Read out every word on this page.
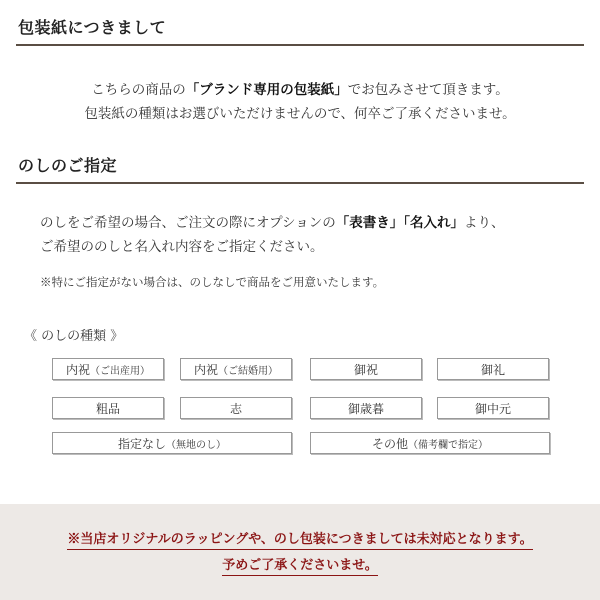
包装紙につきまして
こちらの商品の「ブランド専用の包装紙」でお包みさせて頂きます。
包装紙の種類はお選びいただけませんので、何卒ご了承くださいませ。
のしのご指定
のしをご希望の場合、ご注文の際にオプションの「表書き」「名入れ」より、
ご希望ののしと名入れ内容をご指定ください。
※特にご指定がない場合は、のしなしで商品をご用意いたします。
《 のしの種類 》
内祝 （ご出産用）	内祝 （ご結婚用）	御祝	御礼
粗品	志	御歳暮	御中元
指定なし （無地のし）	その他 （備考欄で指定）
※当店オリジナルのラッピングや、のし包装につきましては未対応となります。
予めご了承くださいませ。
